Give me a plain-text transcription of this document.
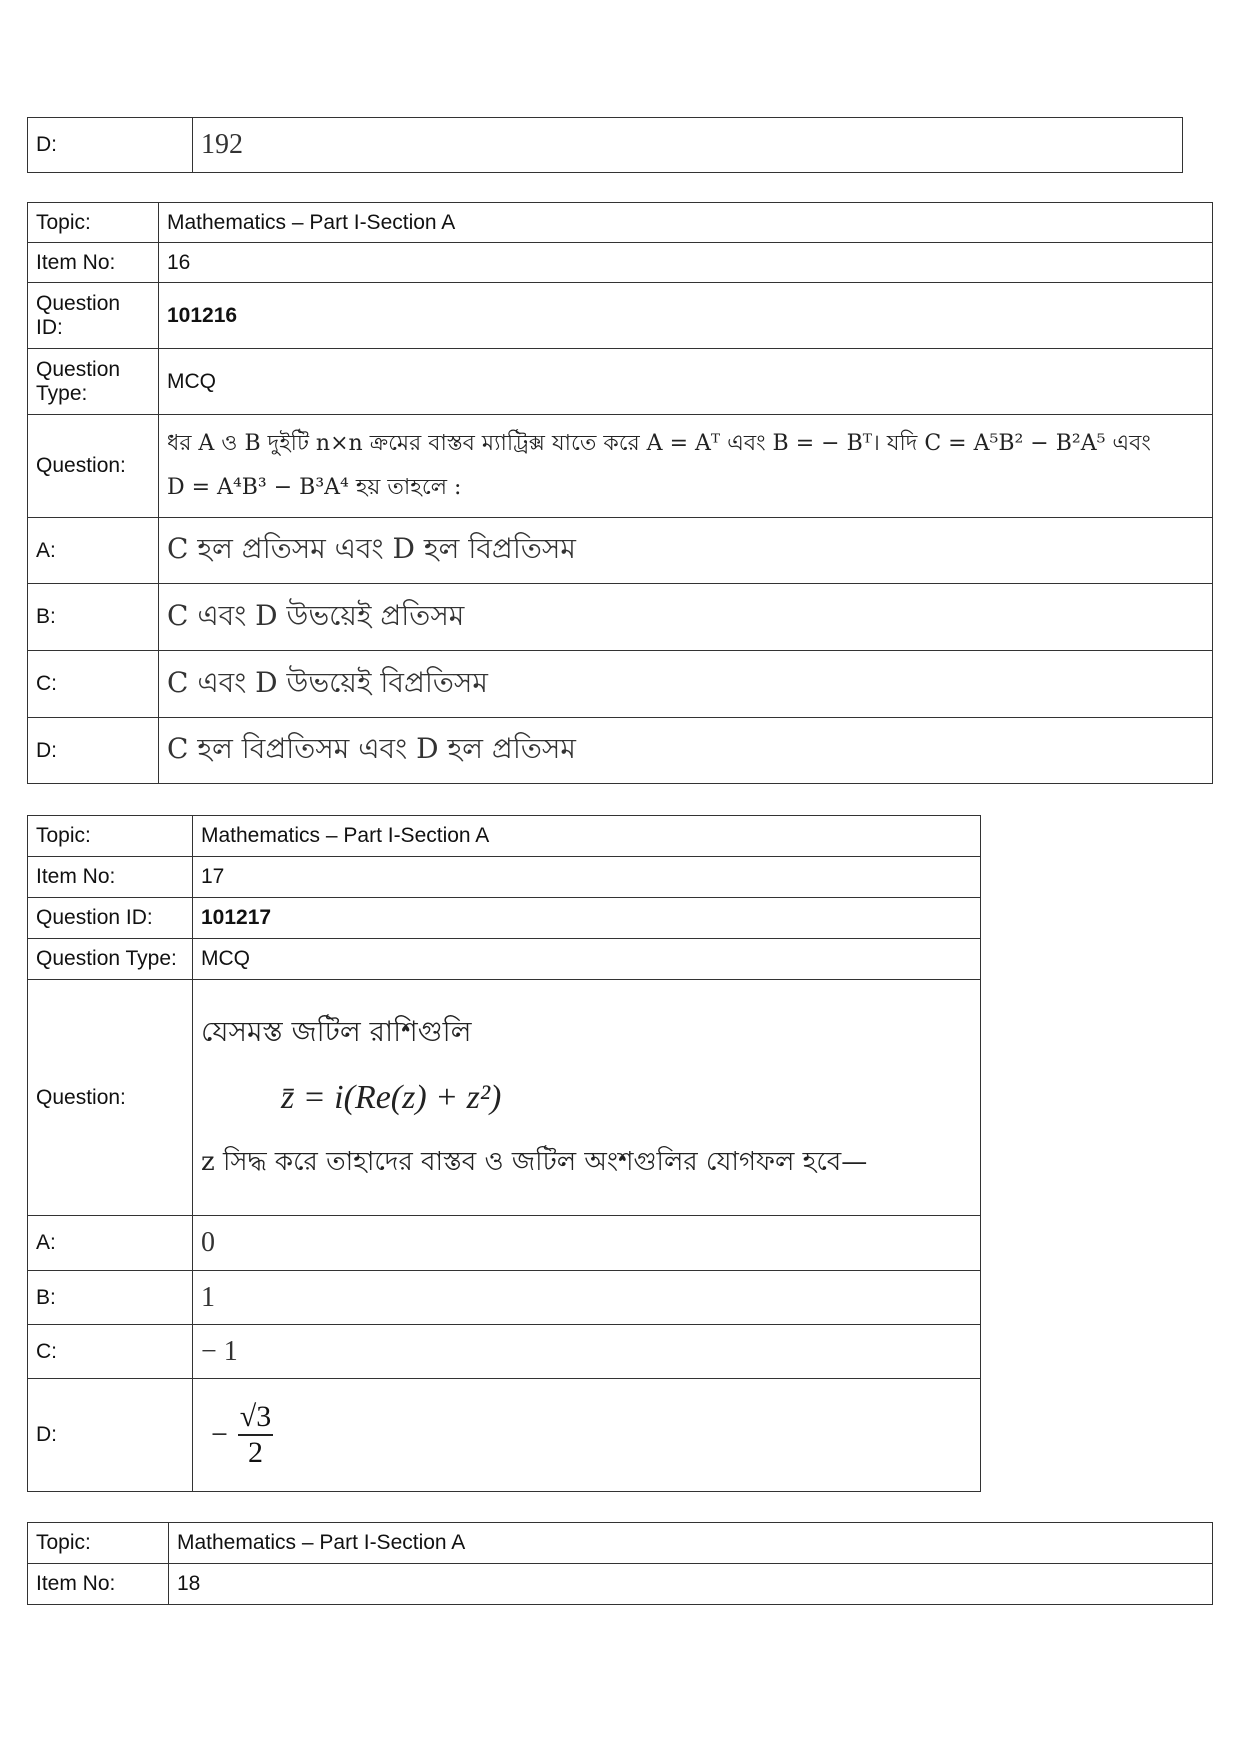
D:	192
Topic:	Mathematics – Part I-Section A
Item No:	16
Question ID:	101216
Question Type:	MCQ
Question:	ধর A ও B দুইটি n×n ক্রমের বাস্তব ম্যাট্রিক্স যাতে করে A = Aᵀ এবং B = − Bᵀ। যদি C = A⁵B² − B²A⁵ এবং
D = A⁴B³ − B³A⁴ হয় তাহলে :

A:	C হল প্রতিসম এবং D হল বিপ্রতিসম
B:	C এবং D উভয়েই প্রতিসম
C:	C এবং D উভয়েই বিপ্রতিসম
D:	C হল বিপ্রতিসম এবং D হল প্রতিসম
Topic:	Mathematics – Part I-Section A
Item No:	17
Question ID:	101217
Question Type:	MCQ
Question:	যেসমস্ত জটিল রাশিগুলি
z̄ = i(Re(z) + z²)
z সিদ্ধ করে তাহাদের বাস্তব ও জটিল অংশগুলির যোগফল হবে—

A:	0
B:	1
C:	− 1
D:	− $\frac{√3}{2}$
Topic:	Mathematics – Part I-Section A
Item No:	18
